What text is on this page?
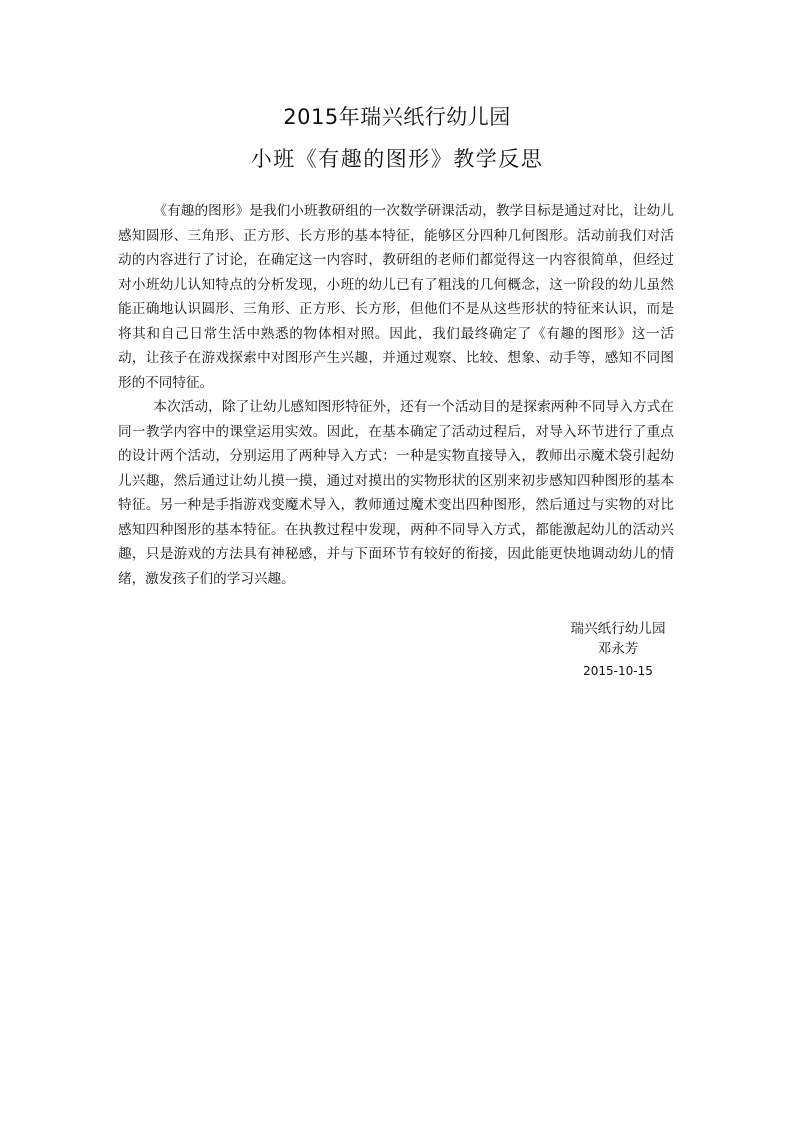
2015年瑞兴纸行幼儿园
小班《有趣的图形》教学反思

《有趣的图形》是我们小班教研组的一次数学研课活动，教学目标是通过对比，让幼儿感知圆形、三角形、正方形、长方形的基本特征，能够区分四种几何图形。活动前我们对活动的内容进行了讨论，在确定这一内容时，教研组的老师们都觉得这一内容很简单，但经过对小班幼儿认知特点的分析发现，小班的幼儿已有了粗浅的几何概念，这一阶段的幼儿虽然能正确地认识圆形、三角形、正方形、长方形，但他们不是从这些形状的特征来认识，而是将其和自己日常生活中熟悉的物体相对照。因此，我们最终确定了《有趣的图形》这一活动，让孩子在游戏探索中对图形产生兴趣，并通过观察、比较、想象、动手等，感知不同图形的不同特征。

本次活动，除了让幼儿感知图形特征外，还有一个活动目的是探索两种不同导入方式在同一教学内容中的课堂运用实效。因此，在基本确定了活动过程后，对导入环节进行了重点的设计两个活动，分别运用了两种导入方式：一种是实物直接导入，教师出示魔术袋引起幼儿兴趣，然后通过让幼儿摸一摸，通过对摸出的实物形状的区别来初步感知四种图形的基本特征。另一种是手指游戏变魔术导入，教师通过魔术变出四种图形，然后通过与实物的对比感知四种图形的基本特征。在执教过程中发现，两种不同导入方式，都能激起幼儿的活动兴趣，只是游戏的方法具有神秘感，并与下面环节有较好的衔接，因此能更快地调动幼儿的情绪，激发孩子们的学习兴趣。

瑞兴纸行幼儿园
邓永芳
2015-10-15
